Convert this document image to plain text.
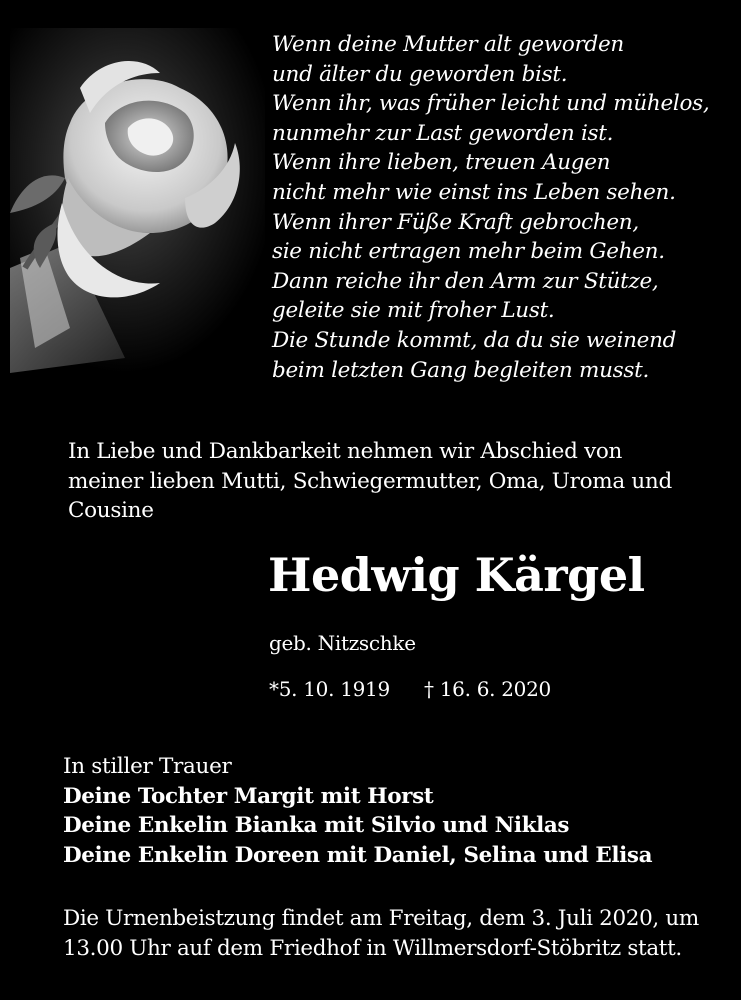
Wenn deine Mutter alt geworden
und älter du geworden bist.
Wenn ihr, was früher leicht und mühelos,
nunmehr zur Last geworden ist.
Wenn ihre lieben, treuen Augen
nicht mehr wie einst ins Leben sehen.
Wenn ihrer Füße Kraft gebrochen,
sie nicht ertragen mehr beim Gehen.
Dann reiche ihr den Arm zur Stütze,
geleite sie mit froher Lust.
Die Stunde kommt, da du sie weinend
beim letzten Gang begleiten musst.
In Liebe und Dankbarkeit nehmen wir Abschied von
meiner lieben Mutti, Schwiegermutter, Oma, Uroma und
Cousine
Hedwig Kärgel
geb. Nitzschke
*5. 10. 1919 † 16. 6. 2020
In stiller Trauer
Deine Tochter Margit mit Horst
Deine Enkelin Bianka mit Silvio und Niklas
Deine Enkelin Doreen mit Daniel, Selina und Elisa
Die Urnenbeistzung findet am Freitag, dem 3. Juli 2020, um
13.00 Uhr auf dem Friedhof in Willmersdorf-Stöbritz statt.
